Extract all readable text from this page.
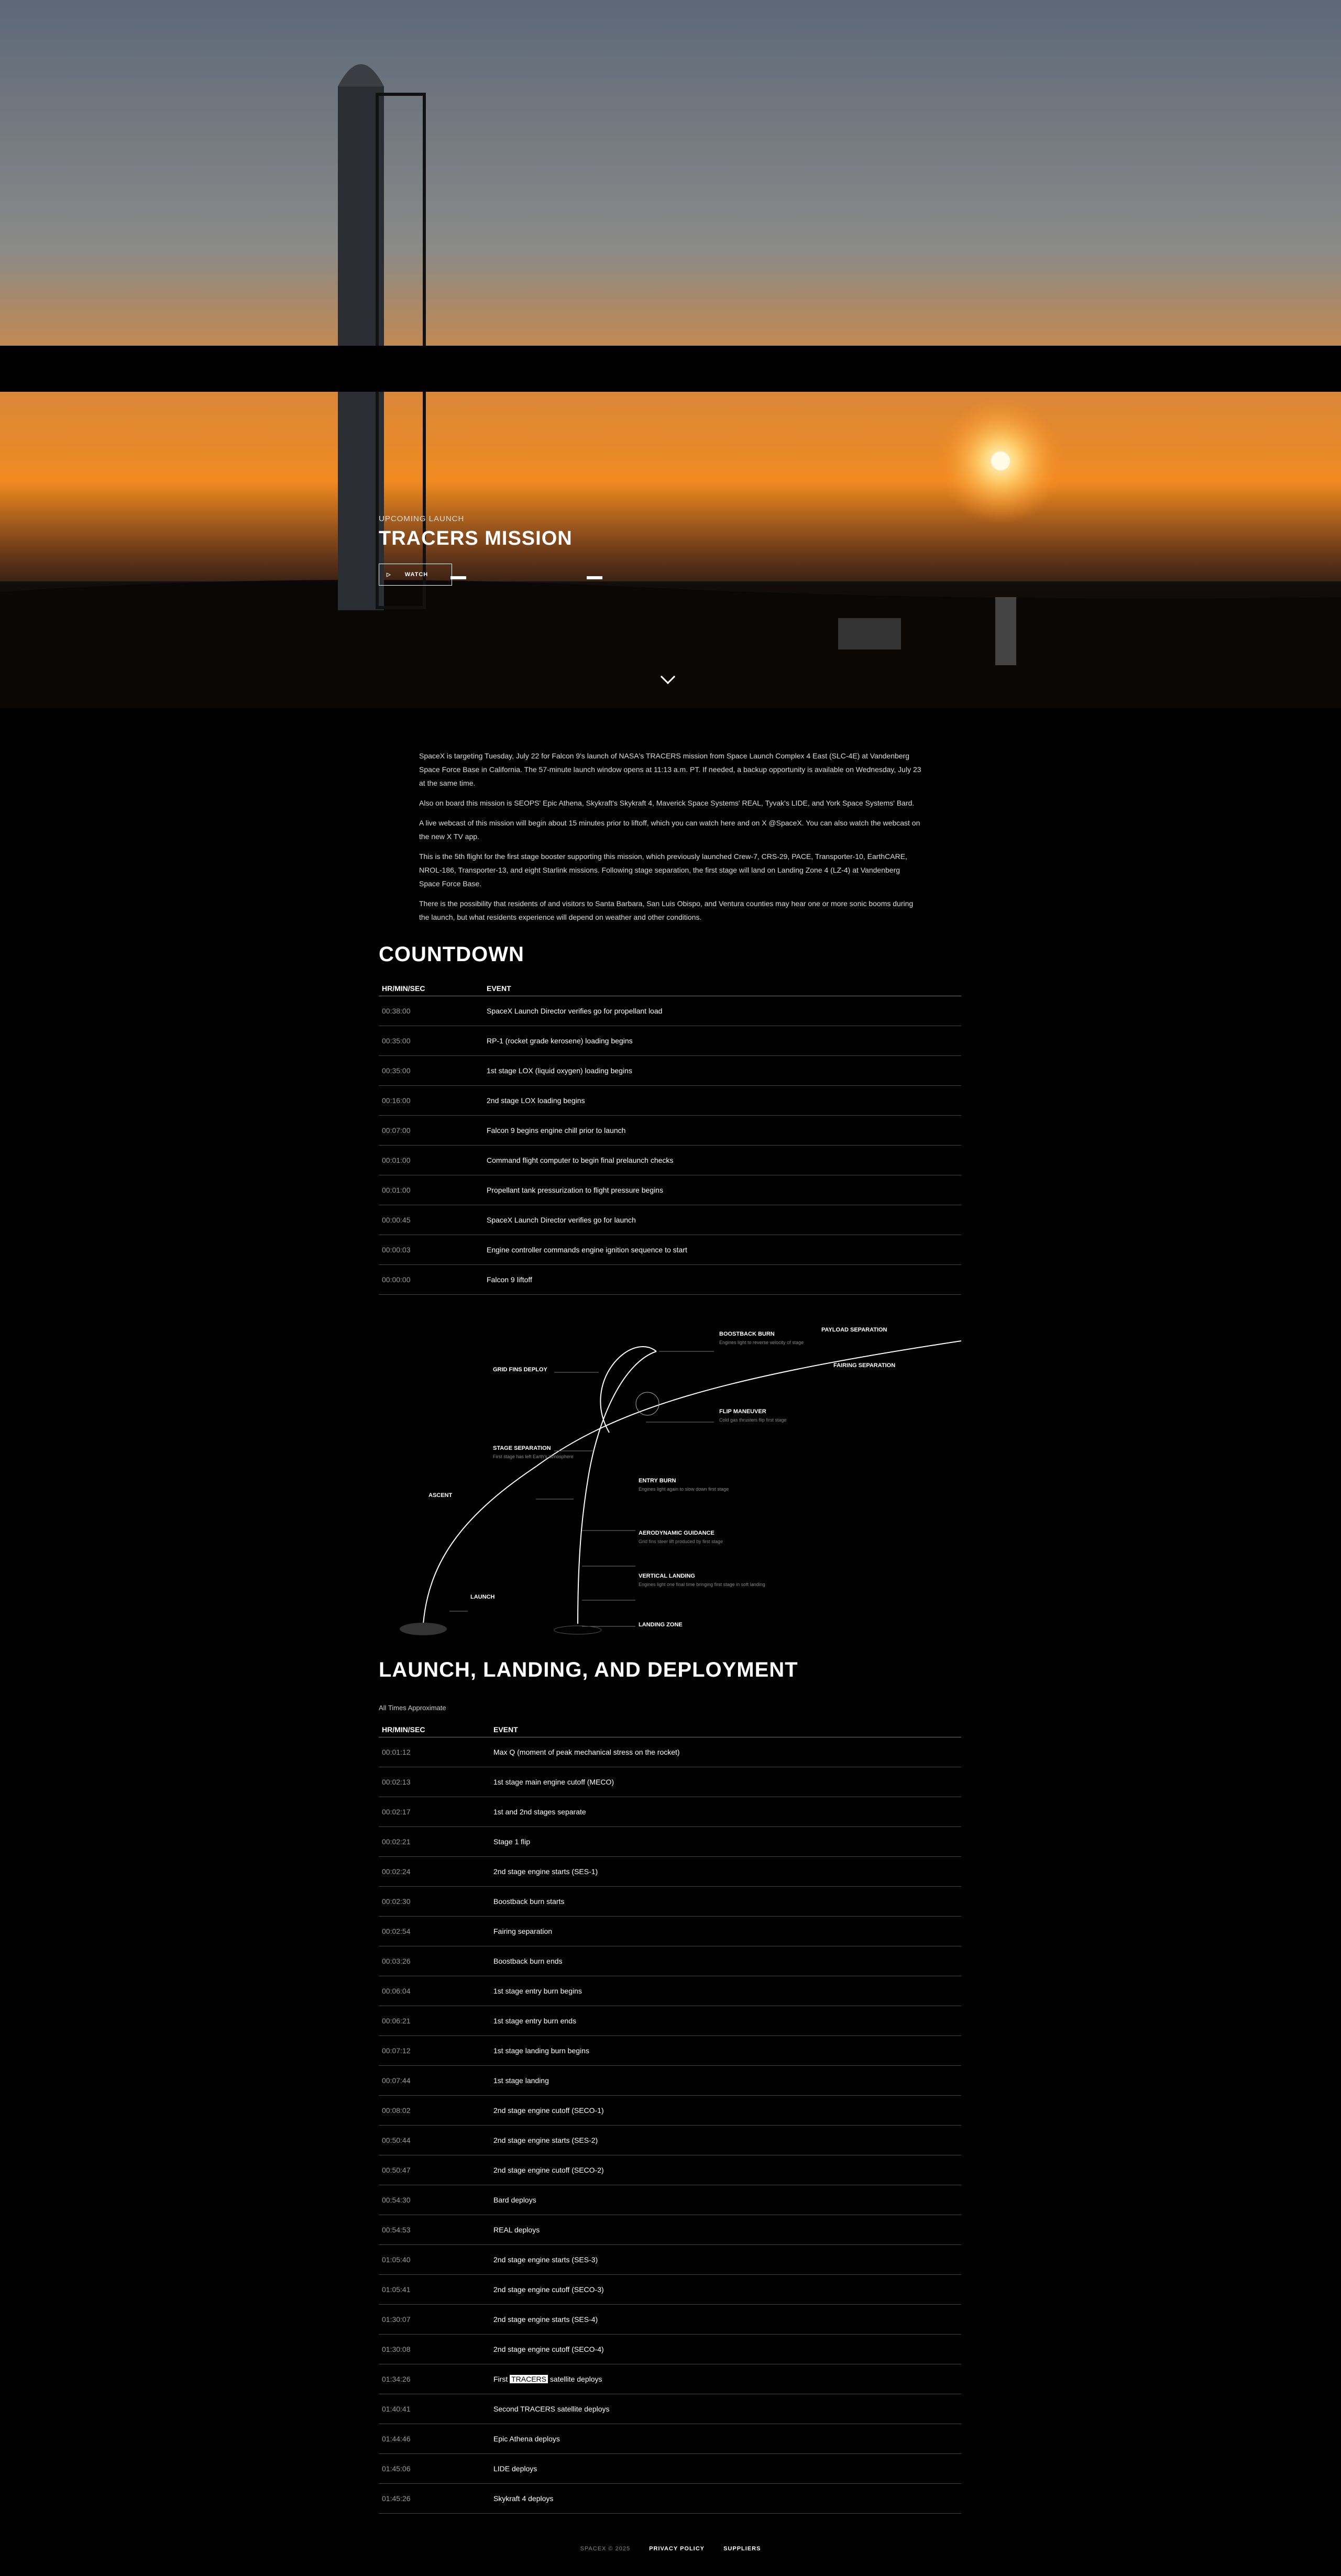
UPCOMING LAUNCH
TRACERS MISSION
▷ WATCH

SpaceX is targeting Tuesday, July 22 for Falcon 9's launch of NASA's TRACERS mission from Space Launch Complex 4 East (SLC-4E) at Vandenberg Space Force Base in California. The 57-minute launch window opens at 11:13 a.m. PT. If needed, a backup opportunity is available on Wednesday, July 23 at the same time.

Also on board this mission is SEOPS' Epic Athena, Skykraft's Skykraft 4, Maverick Space Systems' REAL, Tyvak's LIDE, and York Space Systems' Bard.

A live webcast of this mission will begin about 15 minutes prior to liftoff, which you can watch here and on X @SpaceX. You can also watch the webcast on the new X TV app.

This is the 5th flight for the first stage booster supporting this mission, which previously launched Crew-7, CRS-29, PACE, Transporter-10, EarthCARE, NROL-186, Transporter-13, and eight Starlink missions. Following stage separation, the first stage will land on Landing Zone 4 (LZ-4) at Vandenberg Space Force Base.

There is the possibility that residents of and visitors to Santa Barbara, San Luis Obispo, and Ventura counties may hear one or more sonic booms during the launch, but what residents experience will depend on weather and other conditions.

COUNTDOWN
HR/MIN/SEC	EVENT
00:38:00	SpaceX Launch Director verifies go for propellant load
00:35:00	RP-1 (rocket grade kerosene) loading begins
00:35:00	1st stage LOX (liquid oxygen) loading begins
00:16:00	2nd stage LOX loading begins
00:07:00	Falcon 9 begins engine chill prior to launch
00:01:00	Command flight computer to begin final prelaunch checks
00:01:00	Propellant tank pressurization to flight pressure begins
00:00:45	SpaceX Launch Director verifies go for launch
00:00:03	Engine controller commands engine ignition sequence to start
00:00:00	Falcon 9 liftoff
BOOSTBACK BURN
PAYLOAD SEPARATION
FAIRING SEPARATION
GRID FINS DEPLOY
STAGE SEPARATION
FLIP MANEUVER
ASCENT
ENTRY BURN
AERODYNAMIC GUIDANCE
VERTICAL LANDING
LAUNCH
LANDING ZONE
Engines light to reverse velocity of stage
First stage has left Earth's atmosphere
Cold gas thrusters flip first stage
Engines light again to slow down first stage
Grid fins steer lift produced by first stage
Engines light one final time bringing first stage in soft landing
LAUNCH, LANDING, AND DEPLOYMENT
All Times Approximate
HR/MIN/SEC	EVENT
00:01:12	Max Q (moment of peak mechanical stress on the rocket)
00:02:13	1st stage main engine cutoff (MECO)
00:02:17	1st and 2nd stages separate
00:02:21	Stage 1 flip
00:02:24	2nd stage engine starts (SES-1)
00:02:30	Boostback burn starts
00:02:54	Fairing separation
00:03:26	Boostback burn ends
00:06:04	1st stage entry burn begins
00:06:21	1st stage entry burn ends
00:07:12	1st stage landing burn begins
00:07:44	1st stage landing
00:08:02	2nd stage engine cutoff (SECO-1)
00:50:44	2nd stage engine starts (SES-2)
00:50:47	2nd stage engine cutoff (SECO-2)
00:54:30	Bard deploys
00:54:53	REAL deploys
01:05:40	2nd stage engine starts (SES-3)
01:05:41	2nd stage engine cutoff (SECO-3)
01:30:07	2nd stage engine starts (SES-4)
01:30:08	2nd stage engine cutoff (SECO-4)
01:34:26	First TRACERS satellite deploys
01:40:41	Second TRACERS satellite deploys
01:44:46	Epic Athena deploys
01:45:06	LIDE deploys
01:45:26	Skykraft 4 deploys
SPACEX © 2025	PRIVACY POLICY	SUPPLIERS
